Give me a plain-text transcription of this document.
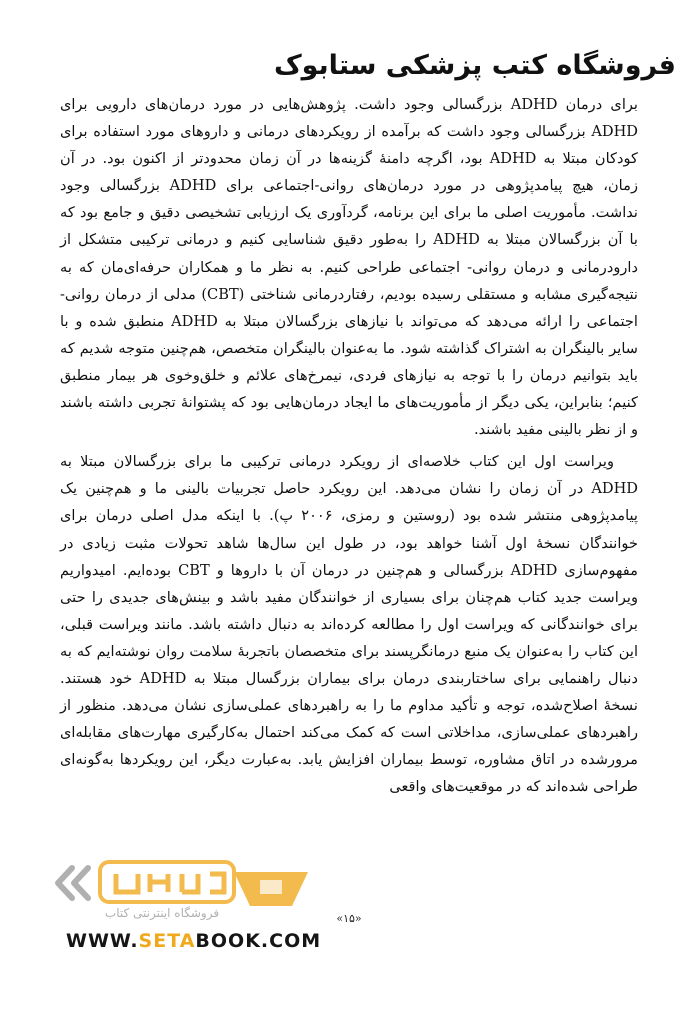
فروشگاه کتب پزشکی ستابوک

برای درمان ADHD بزرگسالی وجود داشت. پژوهش‌هایی در مورد درمان‌های دارویی برای ADHD بزرگسالی وجود داشت که برآمده از رویکردهای درمانی و داروهای مورد استفاده برای کودکان مبتلا به ADHD بود، اگرچه دامنهٔ گزینه‌ها در آن زمان محدودتر از اکنون بود. در آن زمان، هیچ پیامدپژوهی در مورد درمان‌های روانی-اجتماعی برای ADHD بزرگسالی وجود نداشت. مأموریت اصلی ما برای این برنامه، گردآوری یک ارزیابی تشخیصی دقیق و جامع بود که با آن بزرگسالان مبتلا به ADHD را به‌طور دقیق شناسایی کنیم و درمانی ترکیبی متشکل از دارودرمانی و درمان روانی- اجتماعی طراحی کنیم. به نظر ما و همکاران حرفه‌ای‌مان که به نتیجه‌گیری مشابه و مستقلی رسیده بودیم، رفتاردرمانی شناختی (CBT) مدلی از درمان روانی- اجتماعی را ارائه می‌دهد که می‌تواند با نیازهای بزرگسالان مبتلا به ADHD منطبق شده و با سایر بالینگران به اشتراک گذاشته شود. ما به‌عنوان بالینگران متخصص، هم‌چنین متوجه شدیم که باید بتوانیم درمان را با توجه به نیازهای فردی، نیمرخ‌های علائم و خلق‌وخوی هر بیمار منطبق کنیم؛ بنابراین، یکی دیگر از مأموریت‌های ما ایجاد درمان‌هایی بود که پشتوانهٔ تجربی داشته باشند و از نظر بالینی مفید باشند.

ویراست اول این کتاب خلاصه‌ای از رویکرد درمانی ترکیبی ما برای بزرگسالان مبتلا به ADHD در آن زمان را نشان می‌دهد. این رویکرد حاصل تجربیات بالینی ما و هم‌چنین یک پیامدپژوهی منتشر شده بود (روستین و رمزی، ۲۰۰۶ پ). با اینکه مدل اصلی درمان برای خوانندگان نسخهٔ اول آشنا خواهد بود، در طول این سال‌ها شاهد تحولات مثبت زیادی در مفهوم‌سازی ADHD بزرگسالی و هم‌چنین در درمان آن با داروها و CBT بوده‌ایم. امیدواریم ویراست جدید کتاب هم‌چنان برای بسیاری از خوانندگان مفید باشد و بینش‌های جدیدی را حتی برای خوانندگانی که ویراست اول را مطالعه کرده‌اند به دنبال داشته باشد. مانند ویراست قبلی، این کتاب را به‌عنوان یک منبع درمانگرپسند برای متخصصان باتجربهٔ سلامت روان نوشته‌ایم که به دنبال راهنمایی برای ساختاربندی درمان برای بیماران بزرگسال مبتلا به ADHD خود هستند. نسخهٔ اصلاح‌شده، توجه و تأکید مداوم ما را به راهبردهای عملی‌سازی نشان می‌دهد. منظور از راهبردهای عملی‌سازی، مداخلاتی است که کمک می‌کند احتمال به‌کارگیری مهارت‌های مقابله‌ای مرورشده در اتاق مشاوره، توسط بیماران افزایش یابد. به‌عبارت دیگر، این رویکردها به‌گونه‌ای طراحی شده‌اند که در موقعیت‌های واقعی

فروشگاه اینترنتی کتاب	«۱۵»
WWW.SETABOOK.COM
